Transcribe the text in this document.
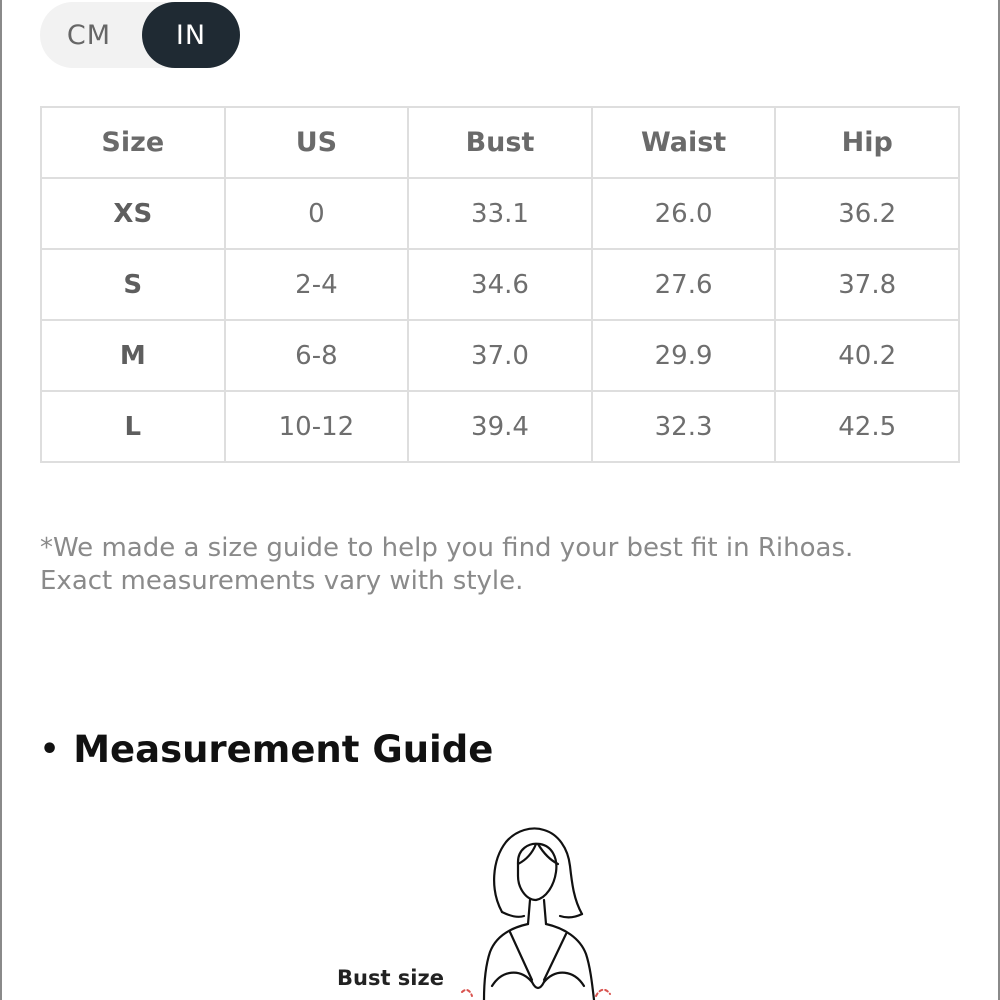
CM	IN
Size	US	Bust	Waist	Hip
XS	0	33.1	26.0	36.2
S	2-4	34.6	27.6	37.8
M	6-8	37.0	29.9	40.2
L	10-12	39.4	32.3	42.5

*We made a size guide to help you find your best fit in Rihoas.
Exact measurements vary with style.

• Measurement Guide
Bust size
